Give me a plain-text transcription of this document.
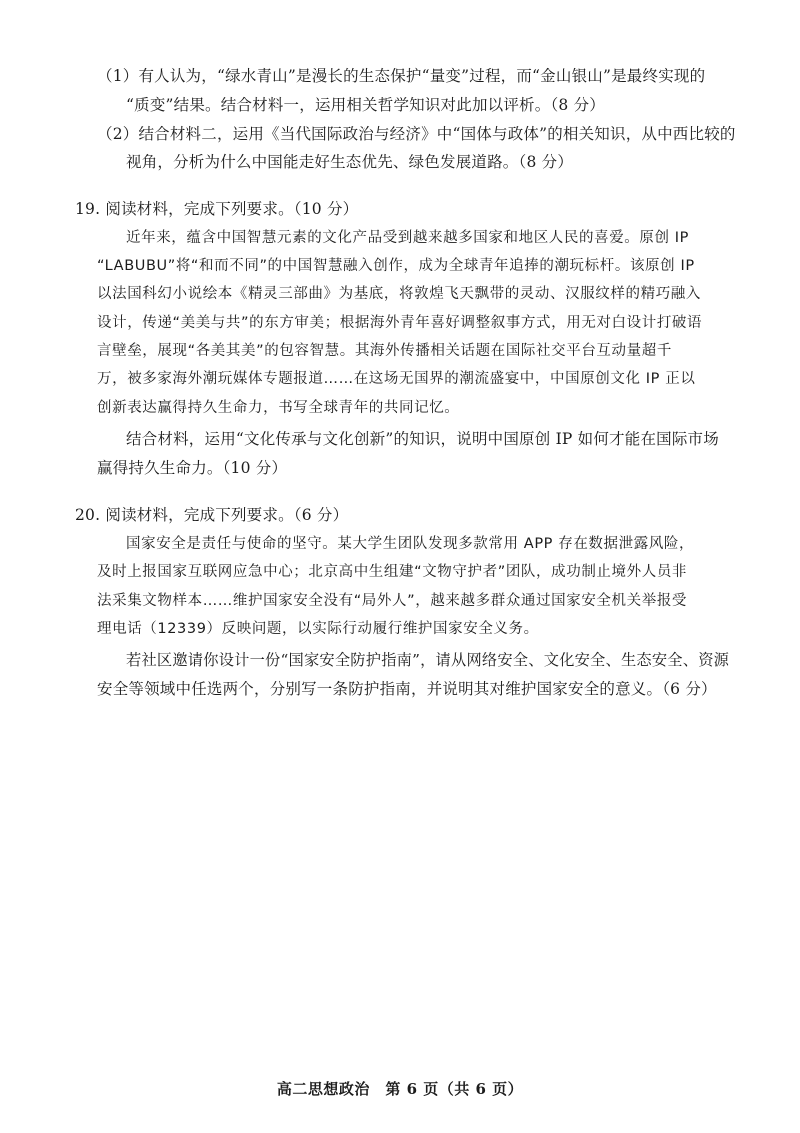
（1）有人认为，“绿水青山”是漫长的生态保护“量变”过程，而“金山银山”是最终实现的
“质变”结果。结合材料一，运用相关哲学知识对此加以评析。（8 分）
（2）结合材料二，运用《当代国际政治与经济》中“国体与政体”的相关知识，从中西比较的
视角，分析为什么中国能走好生态优先、绿色发展道路。（8 分）
19. 阅读材料，完成下列要求。（10 分）
近年来，蕴含中国智慧元素的文化产品受到越来越多国家和地区人民的喜爱。原创 IP
“LABUBU”将“和而不同”的中国智慧融入创作，成为全球青年追捧的潮玩标杆。该原创 IP
以法国科幻小说绘本《精灵三部曲》为基底，将敦煌飞天飘带的灵动、汉服纹样的精巧融入
设计，传递“美美与共”的东方审美；根据海外青年喜好调整叙事方式，用无对白设计打破语
言壁垒，展现“各美其美”的包容智慧。其海外传播相关话题在国际社交平台互动量超千
万，被多家海外潮玩媒体专题报道……在这场无国界的潮流盛宴中，中国原创文化 IP 正以
创新表达赢得持久生命力，书写全球青年的共同记忆。
结合材料，运用“文化传承与文化创新”的知识，说明中国原创 IP 如何才能在国际市场
赢得持久生命力。（10 分）
20. 阅读材料，完成下列要求。（6 分）
国家安全是责任与使命的坚守。某大学生团队发现多款常用 APP 存在数据泄露风险，
及时上报国家互联网应急中心；北京高中生组建“文物守护者”团队，成功制止境外人员非
法采集文物样本……维护国家安全没有“局外人”，越来越多群众通过国家安全机关举报受
理电话（12339）反映问题，以实际行动履行维护国家安全义务。
若社区邀请你设计一份“国家安全防护指南”，请从网络安全、文化安全、生态安全、资源
安全等领域中任选两个，分别写一条防护指南，并说明其对维护国家安全的意义。（6 分）
高二思想政治　第 6 页（共 6 页）
